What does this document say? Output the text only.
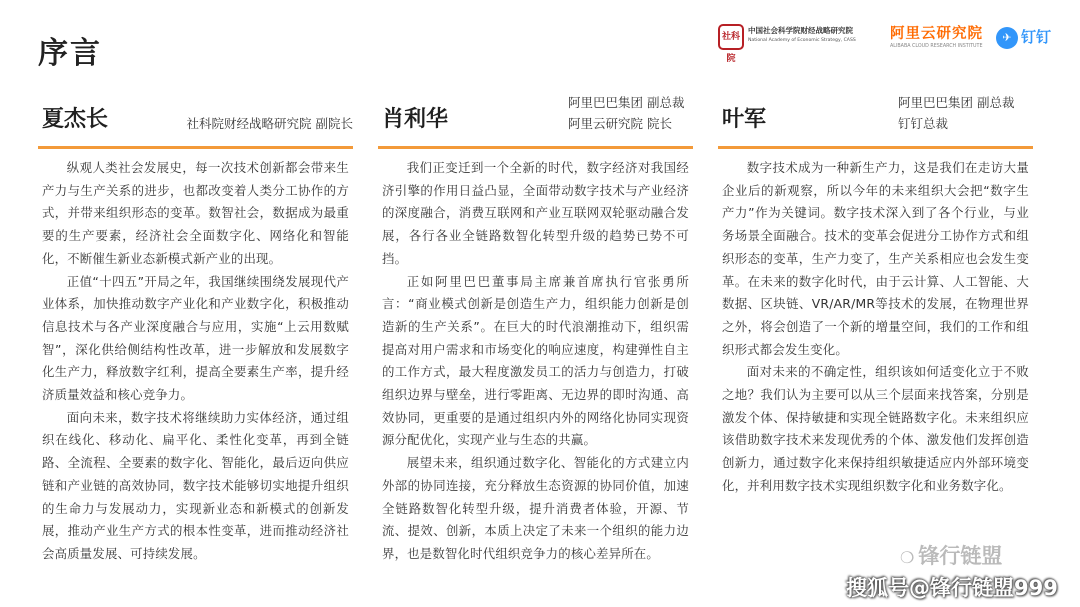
序言	社科院
中国社会科学院财经战略研究院
National Academy of Economic Strategy, CASS	阿里云研究院
ALIBABA CLOUD RESEARCH INSTITUTE
✈ 钉钉
夏杰长	社科院财经战略研究院 副院长

纵观人类社会发展史，每一次技术创新都会带来生产力与生产关系的进步，也都改变着人类分工协作的方式，并带来组织形态的变革。数智社会，数据成为最重要的生产要素，经济社会全面数字化、网络化和智能化，不断催生新业态新模式新产业的出现。

正值“十四五”开局之年，我国继续围绕发展现代产业体系，加快推动数字产业化和产业数字化，积极推动信息技术与各产业深度融合与应用，实施“上云用数赋智”，深化供给侧结构性改革，进一步解放和发展数字化生产力，释放数字红利，提高全要素生产率，提升经济质量效益和核心竞争力。

面向未来，数字技术将继续助力实体经济，通过组织在线化、移动化、扁平化、柔性化变革，再到全链路、全流程、全要素的数字化、智能化，最后迈向供应链和产业链的高效协同，数字技术能够切实地提升组织的生命力与发展动力，实现新业态和新模式的创新发展，推动产业生产方式的根本性变革，进而推动经济社会高质量发展、可持续发展。

肖利华
阿里巴巴集团 副总裁
阿里云研究院 院长

我们正变迁到一个全新的时代，数字经济对我国经济引擎的作用日益凸显，全面带动数字技术与产业经济的深度融合，消费互联网和产业互联网双轮驱动融合发展，各行各业全链路数智化转型升级的趋势已势不可挡。

正如阿里巴巴董事局主席兼首席执行官张勇所言：“商业模式创新是创造生产力，组织能力创新是创造新的生产关系”。在巨大的时代浪潮推动下，组织需提高对用户需求和市场变化的响应速度，构建弹性自主的工作方式，最大程度激发员工的活力与创造力，打破组织边界与壁垒，进行零距离、无边界的即时沟通、高效协同，更重要的是通过组织内外的网络化协同实现资源分配优化，实现产业与生态的共赢。

展望未来，组织通过数字化、智能化的方式建立内外部的协同连接，充分释放生态资源的协同价值，加速全链路数智化转型升级，提升消费者体验，开源、节流、提效、创新，本质上决定了未来一个组织的能力边界，也是数智化时代组织竞争力的核心差异所在。

叶军
阿里巴巴集团 副总裁
钉钉总裁

数字技术成为一种新生产力，这是我们在走访大量企业后的新观察，所以今年的未来组织大会把“数字生产力”作为关键词。数字技术深入到了各个行业，与业务场景全面融合。技术的变革会促进分工协作方式和组织形态的变革，生产力变了，生产关系相应也会发生变革。在未来的数字化时代，由于云计算、人工智能、大数据、区块链、VR/AR/MR等技术的发展，在物理世界之外，将会创造了一个新的增量空间，我们的工作和组织形式都会发生变化。

面对未来的不确定性，组织该如何适变化立于不败之地？我们认为主要可以从三个层面来找答案，分别是激发个体、保持敏捷和实现全链路数字化。未来组织应该借助数字技术来发现优秀的个体、激发他们发挥创造创新力，通过数字化来保持组织敏捷适应内外部环境变化，并利用数字技术实现组织数字化和业务数字化。

❍ 锋行链盟
搜狐号@锋行链盟999
